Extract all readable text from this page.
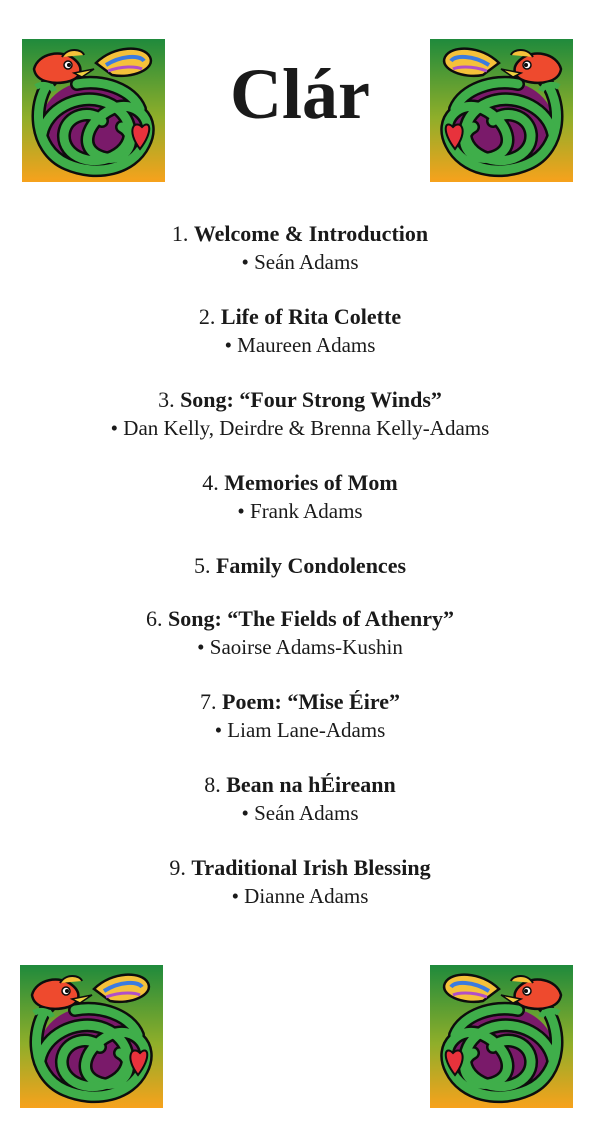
Clár
1. Welcome & Introduction
• Seán Adams
2. Life of Rita Colette
• Maureen Adams
3. Song: “Four Strong Winds”
• Dan Kelly, Deirdre & Brenna Kelly-Adams
4. Memories of Mom
• Frank Adams
5. Family Condolences
6. Song: “The Fields of Athenry”
• Saoirse Adams-Kushin
7. Poem: “Mise Éire”
• Liam Lane-Adams
8. Bean na hÉireann
• Seán Adams
9. Traditional Irish Blessing
• Dianne Adams
